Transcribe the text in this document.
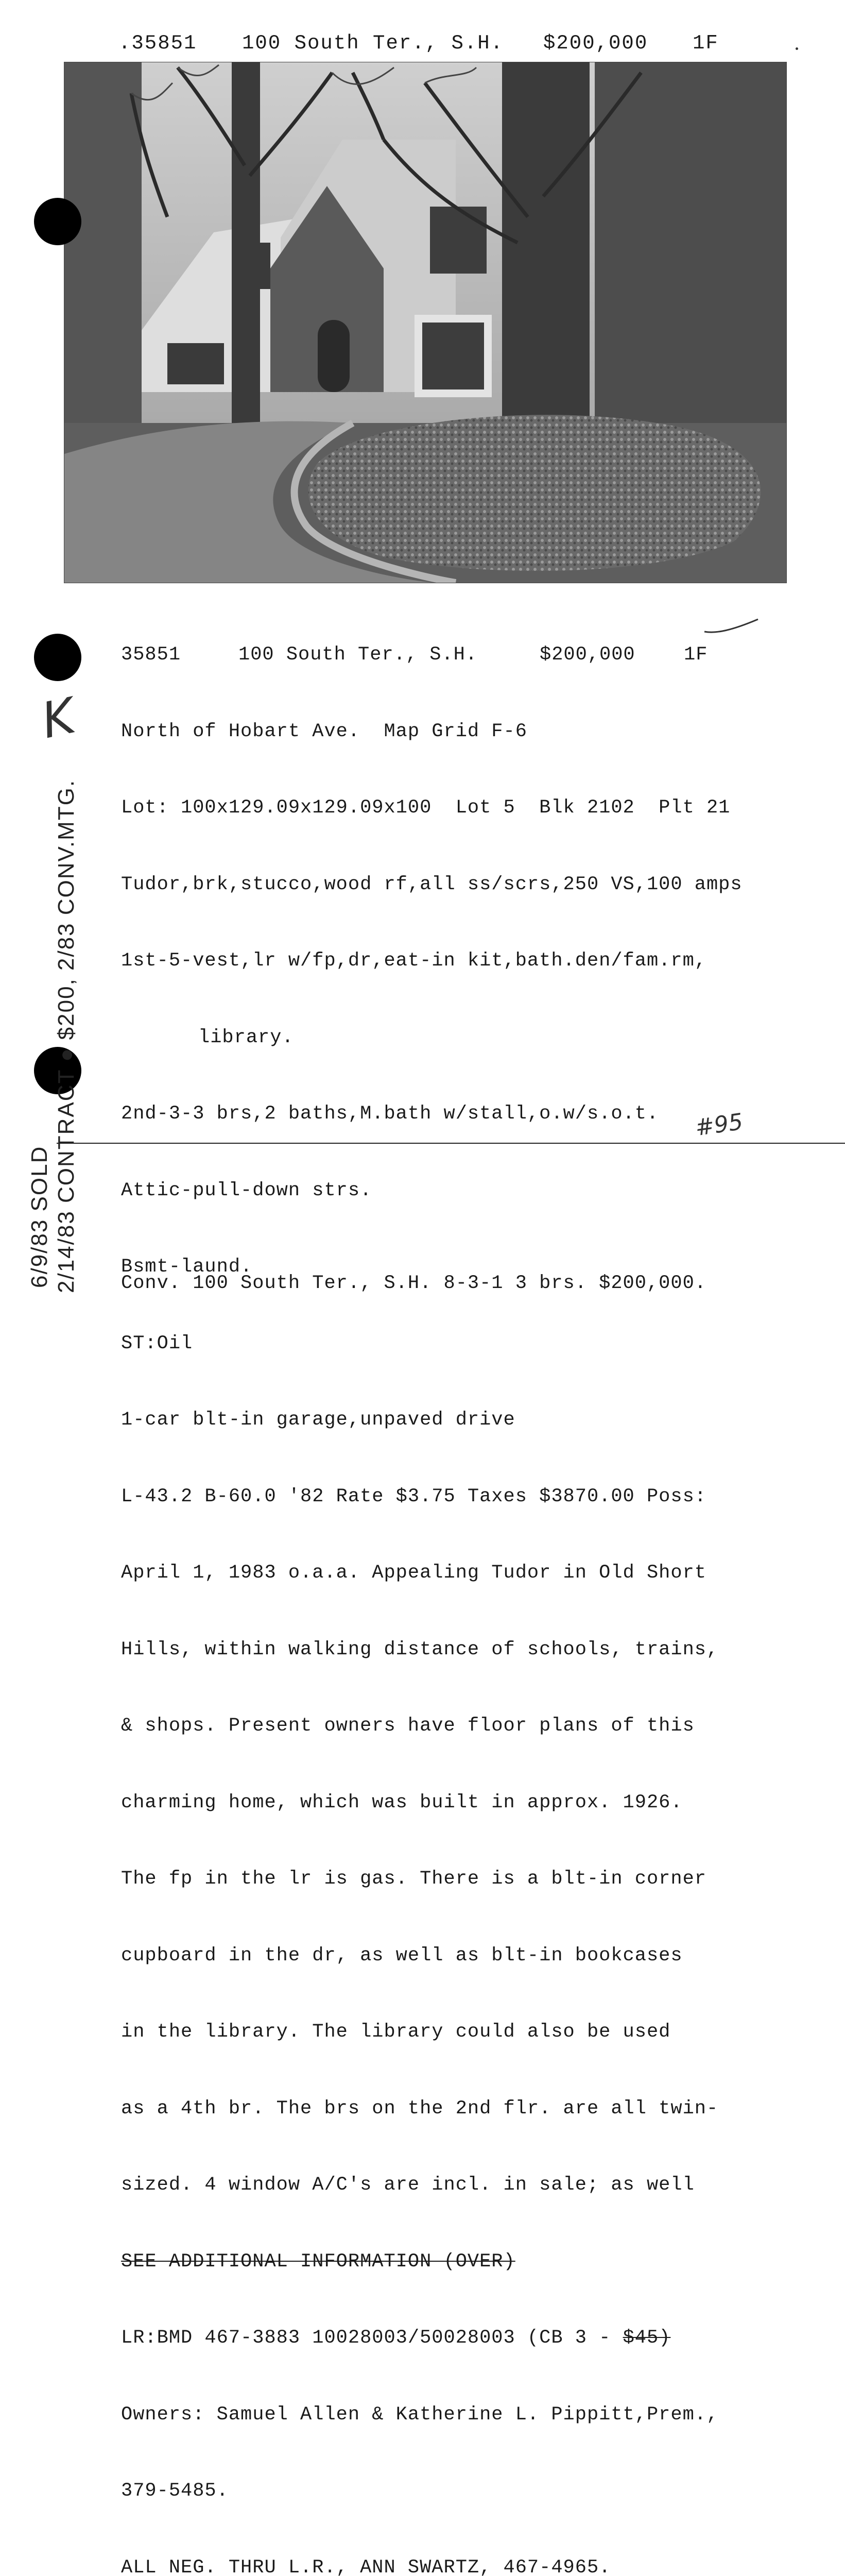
.35851

100 South Ter., S.H.

$200,000

1F

35851

	100 South Ter., S.H.

	$200,000

	1F

North of Hobart Ave.  Map Grid F-6

Lot: 100x129.09x129.09x100  Lot 5  Blk 2102  Plt 21

Tudor,brk,stucco,wood rf,all ss/scrs,250 VS,100 amps

1st-5-vest,lr w/fp,dr,eat-in kit,bath.den/fam.rm,

library.

2nd-3-3 brs,2 baths,M.bath w/stall,o.w/s.o.t.

Attic-pull-down strs.

Bsmt-laund.

ST:Oil

1-car blt-in garage,unpaved drive

L-43.2 B-60.0 '82 Rate $3.75 Taxes $3870.00 Poss:

April 1, 1983 o.a.a. Appealing Tudor in Old Short

Hills, within walking distance of schools, trains,

& shops. Present owners have floor plans of this

charming home, which was built in approx. 1926.

The fp in the lr is gas. There is a blt-in corner

cupboard in the dr, as well as blt-in bookcases

in the library. The library could also be used

as a 4th br. The brs on the 2nd flr. are all twin-

sized. 4 window A/C's are incl. in sale; as well

SEE ADDITIONAL INFORMATION (OVER)

LR:BMD 467-3883 10028003/50028003 (CB 3 - $45)

Owners: Samuel Allen & Katherine L. Pippitt,Prem.,

379-5485.

ALL NEG. THRU L.R., ANN SWARTZ, 467-4965.

K
#95
6/9/83 SOLD 2/14/83 CONTRACT ● $200, 2/83 CONV.MTG. Conv. 100 South Ter., S.H. 8-3-1 3 brs. $200,000.
